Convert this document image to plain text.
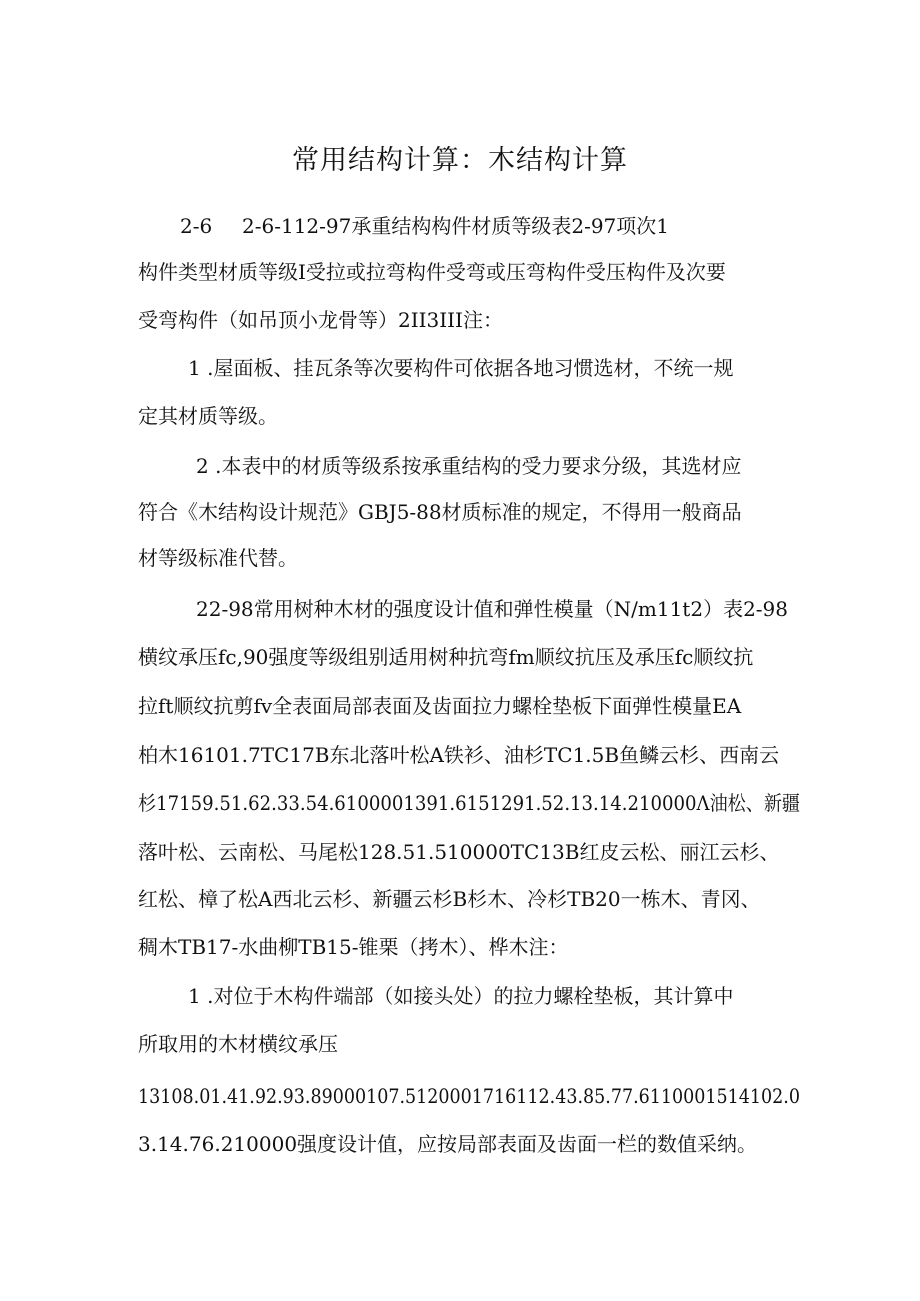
常用结构计算：木结构计算
2-6 2-6-112-97承重结构构件材质等级表2-97项次1
构件类型材质等级I受拉或拉弯构件受弯或压弯构件受压构件及次要
受弯构件（如吊顶小龙骨等）2II3III注：
1 .屋面板、挂瓦条等次要构件可依据各地习惯选材，不统一规
定其材质等级。
2 .本表中的材质等级系按承重结构的受力要求分级，其选材应
符合《木结构设计规范》GBJ5-88材质标准的规定，不得用一般商品
材等级标准代替。
22-98常用树种木材的强度设计值和弹性模量（N∕m11t2）表2-98
横纹承压fc,90强度等级组别适用树种抗弯fm顺纹抗压及承压fc顺纹抗
拉ft顺纹抗剪fv全表面局部表面及齿面拉力螺栓垫板下面弹性模量EA
柏木16101.7TC17B东北落叶松A铁衫、油杉TC1.5B鱼鳞云杉、西南云
杉17159.51.62.33.54.6100001391.6151291.52.13.14.210000Λ油松、新疆
落叶松、云南松、马尾松128.51.510000TC13B红皮云松、丽江云杉、
红松、樟了松A西北云杉、新疆云杉B杉木、冷杉TB20一栋木、青冈、
稠木TB17-水曲柳TB15-锥栗（拷木）、桦木注：
1 .对位于木构件端部（如接头处）的拉力螺栓垫板，其计算中
所取用的木材横纹承压
13108.01.41.92.93.89000107.5120001716112.43.85.77.6110001514102.0
3.14.76.210000强度设计值，应按局部表面及齿面一栏的数值采纳。
